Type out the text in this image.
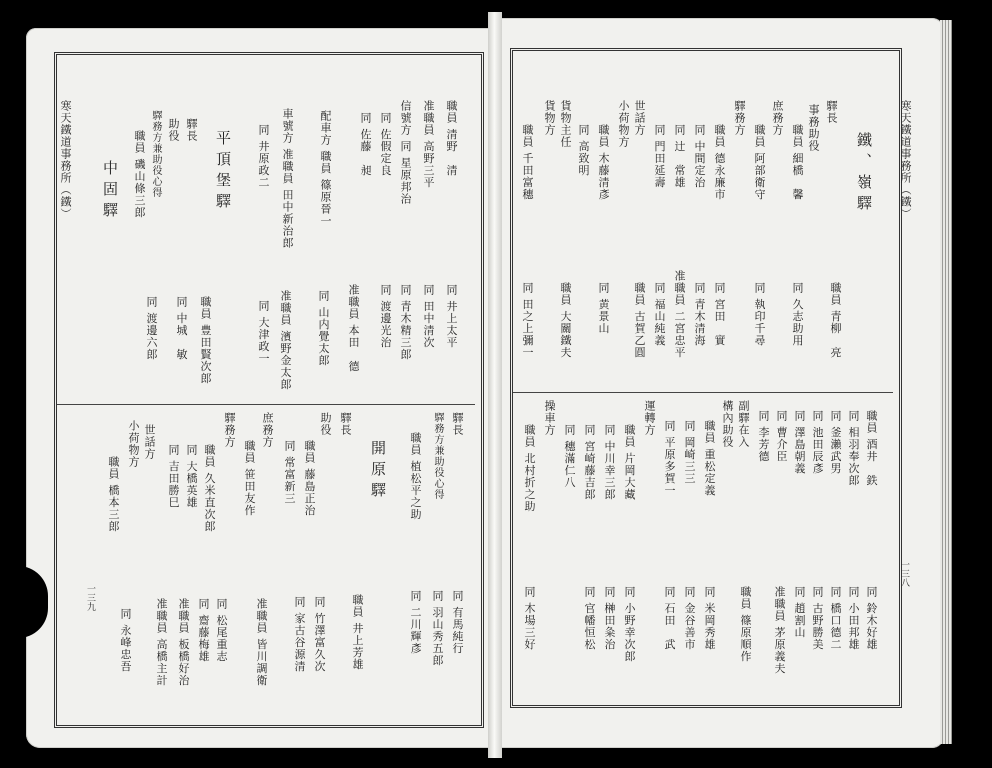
寒天鐵道事務所（鐵）
一三九
職員 清野　清
准職員 高野三平
信號方 同 星原邦治
同 佐假定良
同 佐藤　昶
配車方 職員 篠原晉一
車號方 准職員 田中新治郎
同 井原政二
平頂堡驛
驛長
助役
驛務方兼助役心得
職員 磯山條三郎
中固驛
同 井上太平
同 田中清次
同 青木精三郎
同 渡邊光治
准職員 本田　德
同 山内覺太郎
准職員 濱野金太郎
同 大津政一
職員 豊田賢次郎
同 中城　敏
同 渡邊六郎
驛長
驛務方兼助役心得
職員 植松平之助
開原驛
驛長
助役
職員 藤島正治
同 常富新三
庶務方
職員 笹田友作
驛務方
職員 久米直次郎
同 大橋英雄
同 吉田勝巳
世話方
小荷物方
職員 橋本三郎
同 有馬純行
同 羽山秀五郎
同 二川輝彥
職員 井上芳雄
同 竹澤富久次
同 家古谷源清
准職員 皆川調衛
同 松尾重志
同 齋藤梅雄
准職員 板橋好治
准職員 高橋主計
同 永峰忠吾
寒天鐵道事務所（鐵）
一三八
鐵、嶺驛
驛長
事務助役
職員 細橋　馨
庶務方
職員 阿部衛守
驛務方
職員 德永廉市
同 中間定治
同 辻　常雄
同 門田延壽
世話方
小荷物方
職員 木藤清彥
同 高致明
貨物主任
貨物方
職員 千田富穗
職員 青柳　亮
同 久志助用
同 執印千尋
同 宮田　實
同 青木清海
准職員 二宮忠平
同 福山純義
職員 古賀乙圓
同 黄景山
職員 大關鐵夫
同 田之上彌一
職員 酒井　鉄
同 相羽奉次郎
同 釜瀨武男
同 池田辰彥
同 澤島朝義
同 曹介臣
同 李芳德
副驛在入
構內助役
職員 重松定義
同 岡崎三三
同 平原多賀一
運轉方
職員 片岡大藏
同 中川幸三郎
同 宮崎藤吉郎
同 穗滿仁八
操車方
職員 北村折之助
同 鈴木好雄
同 小田邦雄
同 橋口德二
同 古野勝美
同 趙割山
准職員 茅原義夫
職員 篠原順作
同 米岡秀雄
同 金谷善市
同 石田　武
同 小野幸次郎
同 榊田粂治
同 官幡恒松
同 木場三好
